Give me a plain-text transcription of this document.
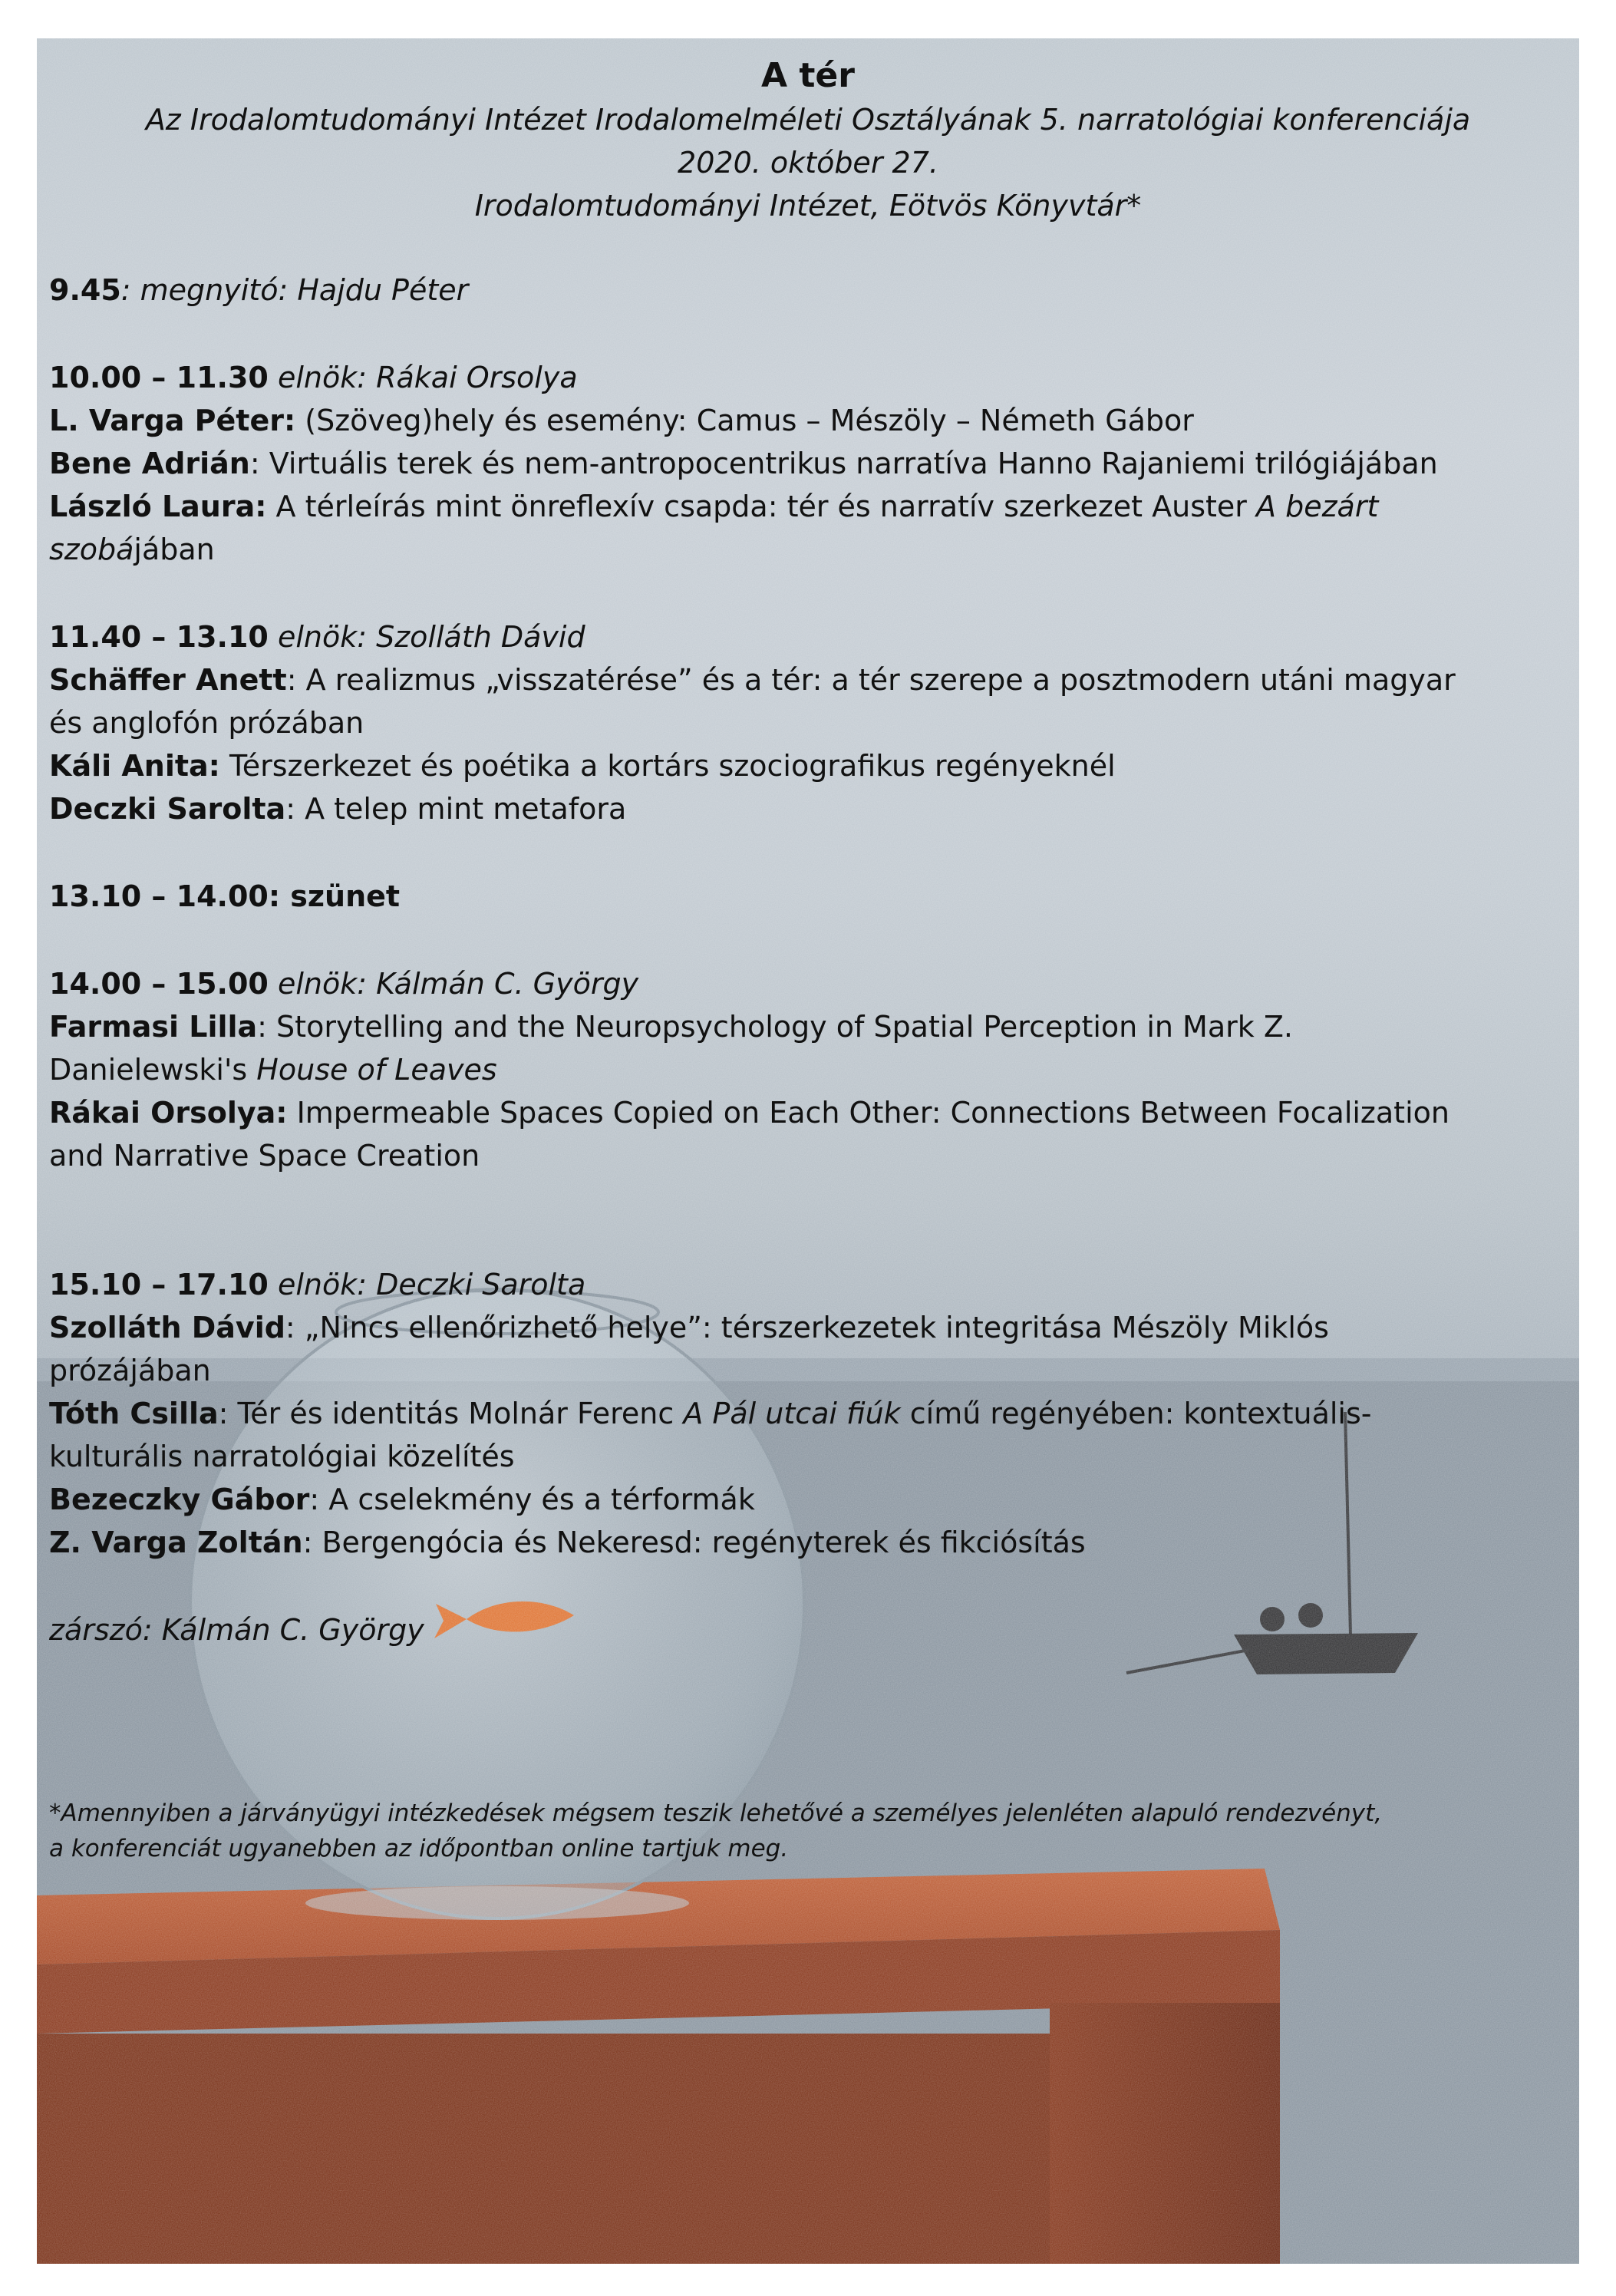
A tér
Az Irodalomtudományi Intézet Irodalomelméleti Osztályának 5. narratológiai konferenciája
2020. október 27.
Irodalomtudományi Intézet, Eötvös Könyvtár*
9.45: megnyitó: Hajdu Péter
10.00 – 11.30 elnök: Rákai Orsolya
L. Varga Péter: (Szöveg)hely és esemény: Camus – Mészöly – Németh Gábor
Bene Adrián: Virtuális terek és nem-antropocentrikus narratíva Hanno Rajaniemi trilógiájában
László Laura: A térleírás mint önreflexív csapda: tér és narratív szerkezet Auster A bezárt
szobájában
11.40 – 13.10 elnök: Szolláth Dávid
Schäffer Anett: A realizmus „visszatérése” és a tér: a tér szerepe a posztmodern utáni magyar
és anglofón prózában
Káli Anita: Térszerkezet és poétika a kortárs szociografikus regényeknél
Deczki Sarolta: A telep mint metafora
13.10 – 14.00: szünet
14.00 – 15.00 elnök: Kálmán C. György
Farmasi Lilla: Storytelling and the Neuropsychology of Spatial Perception in Mark Z.
Danielewski's House of Leaves
Rákai Orsolya: Impermeable Spaces Copied on Each Other: Connections Between Focalization
and Narrative Space Creation
15.10 – 17.10 elnök: Deczki Sarolta
Szolláth Dávid: „Nincs ellenőrizhető helye”: térszerkezetek integritása Mészöly Miklós
prózájában
Tóth Csilla: Tér és identitás Molnár Ferenc A Pál utcai fiúk című regényében: kontextuális-
kulturális narratológiai közelítés
Bezeczky Gábor: A cselekmény és a térformák
Z. Varga Zoltán: Bergengócia és Nekeresd: regényterek és fikciósítás
zárszó: Kálmán C. György
*Amennyiben a járványügyi intézkedések mégsem teszik lehetővé a személyes jelenléten alapuló rendezvényt,
a konferenciát ugyanebben az időpontban online tartjuk meg.
